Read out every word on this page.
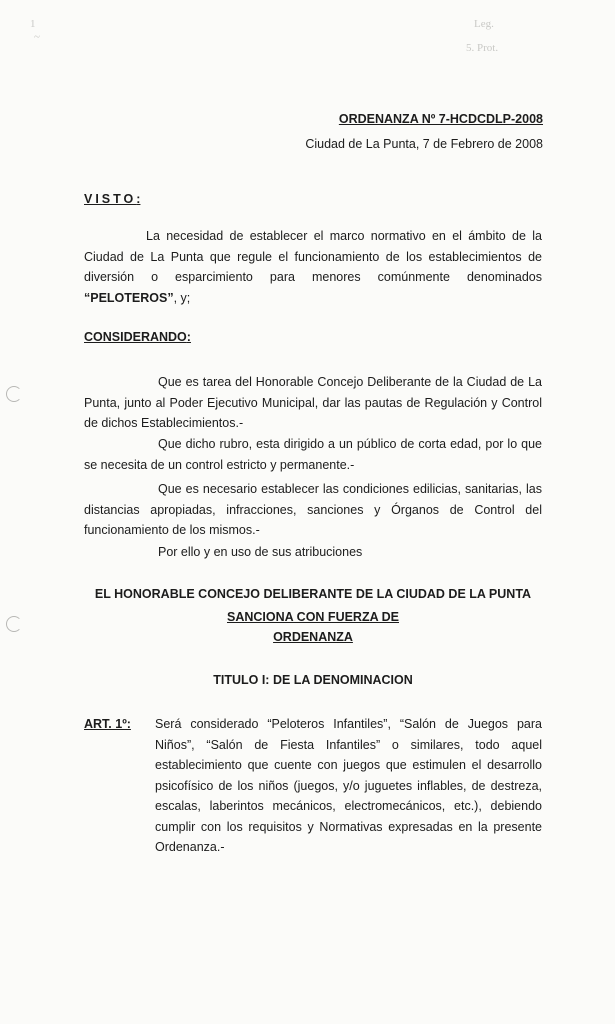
1
~
Leg.
5. Prot.
ORDENANZA Nº 7-HCDCDLP-2008
Ciudad de La Punta, 7 de Febrero de 2008
VISTO:
La necesidad de establecer el marco normativo en el ámbito de la
Ciudad de La Punta que regule el funcionamiento de los establecimientos de
diversión o esparcimiento para menores comúnmente denominados
“PELOTEROS”, y;
CONSIDERANDO:
Que es tarea del Honorable Concejo Deliberante de la Ciudad de La
Punta, junto al Poder Ejecutivo Municipal, dar las pautas de Regulación y Control
de dichos Establecimientos.-
Que dicho rubro, esta dirigido a un público de corta edad, por lo que
se necesita de un control estricto y permanente.-
Que es necesario establecer las condiciones edilicias, sanitarias, las
distancias apropiadas, infracciones, sanciones y Órganos de Control del
funcionamiento de los mismos.-
Por ello y en uso de sus atribuciones
EL HONORABLE CONCEJO DELIBERANTE DE LA CIUDAD DE LA PUNTA
SANCIONA CON FUERZA DE
ORDENANZA
TITULO I: DE LA DENOMINACION
ART. 1º: Será considerado “Peloteros Infantiles”, “Salón de Juegos para
Niños”, “Salón de Fiesta Infantiles” o similares, todo aquel
establecimiento que cuente con juegos que estimulen el desarrollo
psicofísico de los niños (juegos, y/o juguetes inflables, de destreza,
escalas, laberintos mecánicos, electromecánicos, etc.), debiendo
cumplir con los requisitos y Normativas expresadas en la presente
Ordenanza.-
